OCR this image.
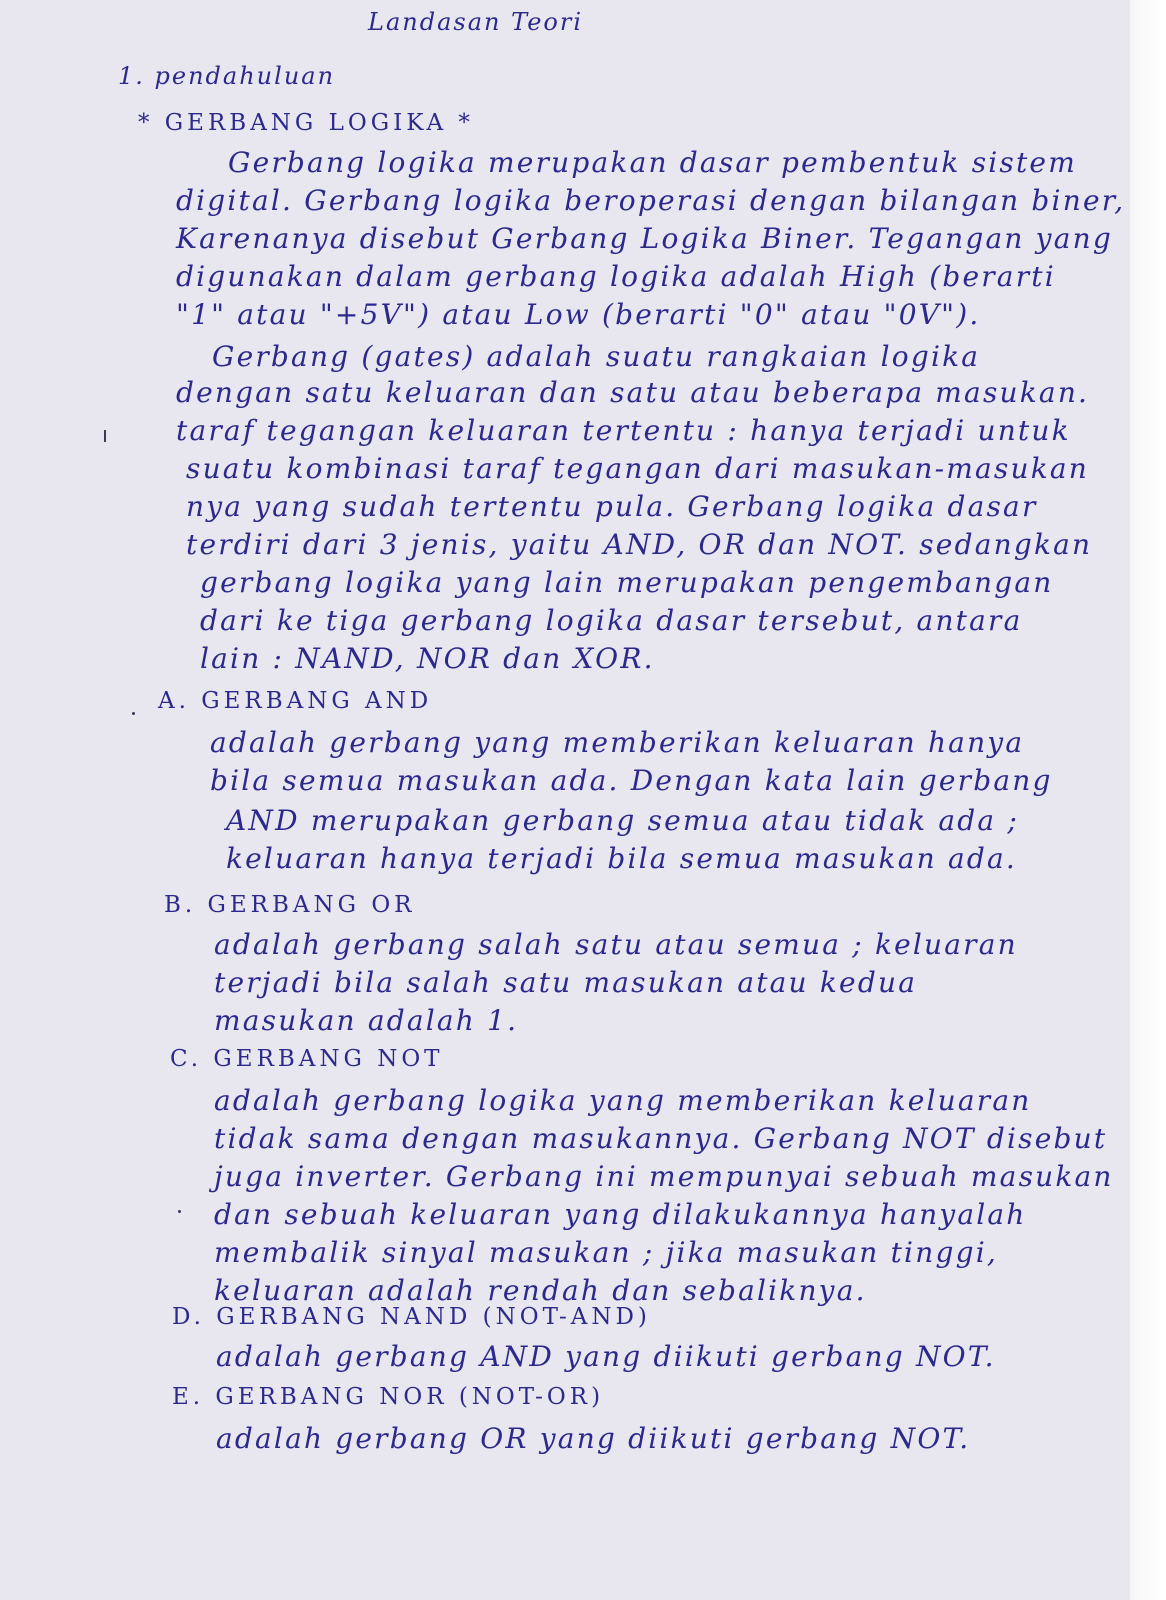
Landasan Teori
1. pendahuluan
* GERBANG LOGIKA *
Gerbang logika merupakan dasar pembentuk sistem
digital. Gerbang logika beroperasi dengan bilangan biner,
Karenanya disebut Gerbang Logika Biner. Tegangan yang
digunakan dalam gerbang logika adalah High (berarti
"1" atau "+5V") atau Low (berarti "0" atau "0V").
Gerbang (gates) adalah suatu rangkaian logika
dengan satu keluaran dan satu atau beberapa masukan.
taraf tegangan keluaran tertentu : hanya terjadi untuk
suatu kombinasi taraf tegangan dari masukan-masukan
nya yang sudah tertentu pula. Gerbang logika dasar
terdiri dari 3 jenis, yaitu AND, OR dan NOT. sedangkan
gerbang logika yang lain merupakan pengembangan
dari ke tiga gerbang logika dasar tersebut, antara
lain : NAND, NOR dan XOR.
A. GERBANG AND
adalah gerbang yang memberikan keluaran hanya
bila semua masukan ada. Dengan kata lain gerbang
AND merupakan gerbang semua atau tidak ada ;
keluaran hanya terjadi bila semua masukan ada.
B. GERBANG OR
adalah gerbang salah satu atau semua ; keluaran
terjadi bila salah satu masukan atau kedua
masukan adalah 1.
C. GERBANG NOT
adalah gerbang logika yang memberikan keluaran
tidak sama dengan masukannya. Gerbang NOT disebut
juga inverter. Gerbang ini mempunyai sebuah masukan
dan sebuah keluaran yang dilakukannya hanyalah
membalik sinyal masukan ; jika masukan tinggi,
keluaran adalah rendah dan sebaliknya.
D. GERBANG NAND (NOT-AND)
adalah gerbang AND yang diikuti gerbang NOT.
E. GERBANG NOR (NOT-OR)
adalah gerbang OR yang diikuti gerbang NOT.
